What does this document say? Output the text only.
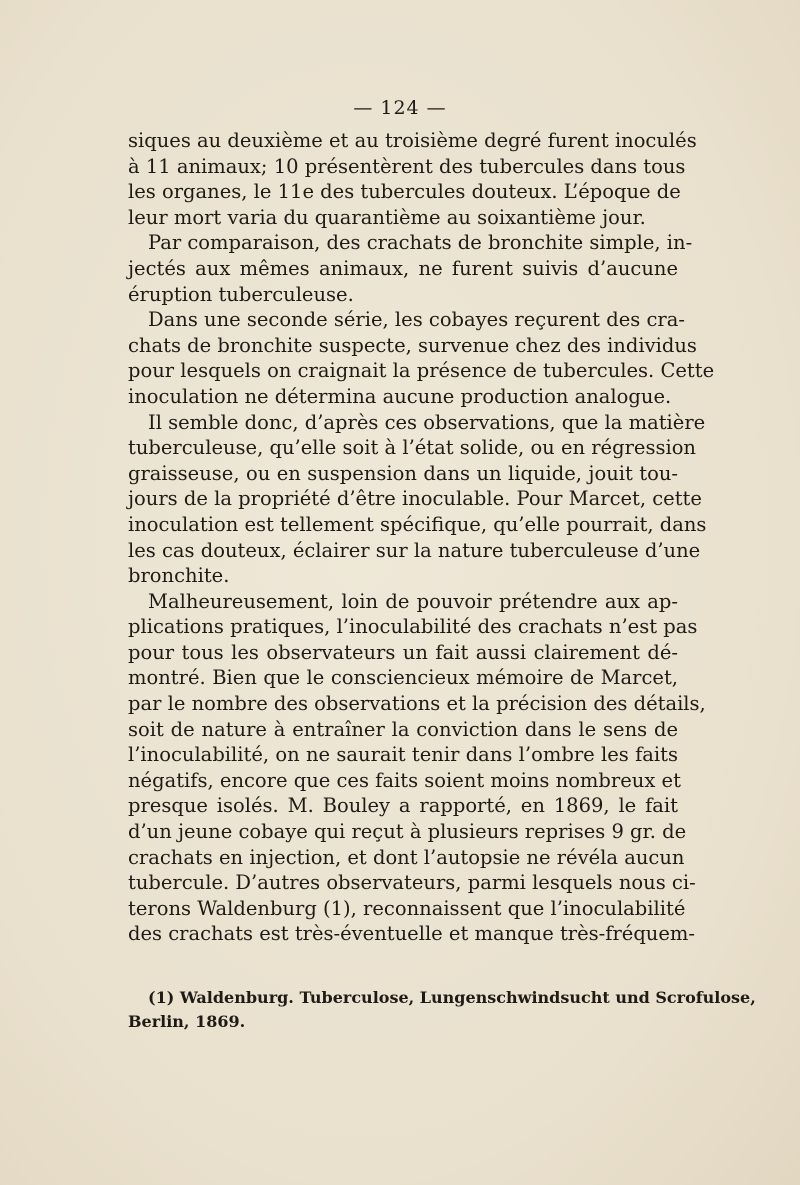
— 124 —
siques au deuxième et au troisième degré furent inoculés
à 11 animaux; 10 présentèrent des tubercules dans tous
les organes, le 11e des tubercules douteux. L’époque de
leur mort varia du quarantième au soixantième jour.
Par comparaison, des crachats de bronchite simple, in-
jectés aux mêmes animaux, ne furent suivis d’aucune
éruption tuberculeuse.
Dans une seconde série, les cobayes reçurent des cra-
chats de bronchite suspecte, survenue chez des individus
pour lesquels on craignait la présence de tubercules. Cette
inoculation ne détermina aucune production analogue.
Il semble donc, d’après ces observations, que la matière
tuberculeuse, qu’elle soit à l’état solide, ou en régression
graisseuse, ou en suspension dans un liquide, jouit tou-
jours de la propriété d’être inoculable. Pour Marcet, cette
inoculation est tellement spécifique, qu’elle pourrait, dans
les cas douteux, éclairer sur la nature tuberculeuse d’une
bronchite.
Malheureusement, loin de pouvoir prétendre aux ap-
plications pratiques, l’inoculabilité des crachats n’est pas
pour tous les observateurs un fait aussi clairement dé-
montré. Bien que le consciencieux mémoire de Marcet,
par le nombre des observations et la précision des détails,
soit de nature à entraîner la conviction dans le sens de
l’inoculabilité, on ne saurait tenir dans l’ombre les faits
négatifs, encore que ces faits soient moins nombreux et
presque isolés. M. Bouley a rapporté, en 1869, le fait
d’un jeune cobaye qui reçut à plusieurs reprises 9 gr. de
crachats en injection, et dont l’autopsie ne révéla aucun
tubercule. D’autres observateurs, parmi lesquels nous ci-
terons Waldenburg (1), reconnaissent que l’inoculabilité
des crachats est très-éventuelle et manque très-fréquem-
(1) Waldenburg. Tuberculose, Lungenschwindsucht und Scrofulose,
Berlin, 1869.
